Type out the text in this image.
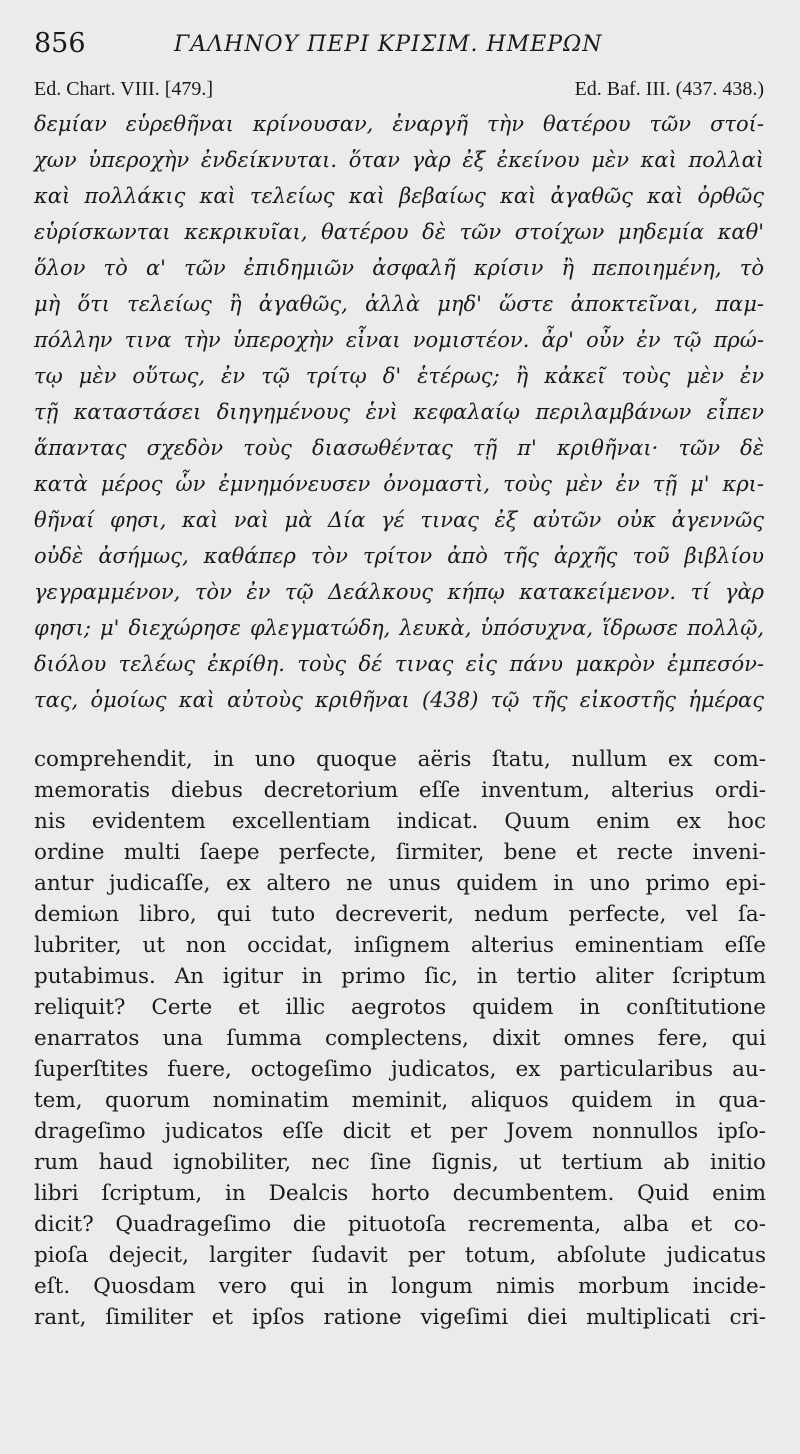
856	ΓΑΛΗΝΟΥ ΠΕΡΙ ΚΡΙΣΙΜ. ΗΜΕΡΩΝ
Ed. Chart. VIII. [479.]	Ed. Baf. III. (437. 438.)
δεμίαν εὑρεθῆναι κρίνουσαν, ἐναργῆ τὴν θατέρου τῶν στοί-
χων ὑπεροχὴν ἐνδείκνυται. ὅταν γὰρ ἐξ ἐκείνου μὲν καὶ πολλαὶ
καὶ πολλάκις καὶ τελείως καὶ βεβαίως καὶ ἀγαθῶς καὶ ὀρθῶς
εὑρίσκωνται κεκρικυῖαι, θατέρου δὲ τῶν στοίχων μηδεμία καθ'
ὅλον τὸ α' τῶν ἐπιδημιῶν ἀσφαλῆ κρίσιν ἢ πεποιημένη, τὸ
μὴ ὅτι τελείως ἢ ἀγαθῶς, ἀλλὰ μηδ' ὥστε ἀποκτεῖναι, παμ-
πόλλην τινα τὴν ὑπεροχὴν εἶναι νομιστέον. ἆρ' οὖν ἐν τῷ πρώ-
τῳ μὲν οὕτως, ἐν τῷ τρίτῳ δ' ἑτέρως; ἢ κἀκεῖ τοὺς μὲν ἐν
τῇ καταστάσει διηγημένους ἑνὶ κεφαλαίῳ περιλαμβάνων εἶπεν
ἅπαντας σχεδὸν τοὺς διασωθέντας τῇ π' κριθῆναι· τῶν δὲ
κατὰ μέρος ὧν ἐμνημόνευσεν ὀνομαστὶ, τοὺς μὲν ἐν τῇ μ' κρι-
θῆναί φησι, καὶ ναὶ μὰ Δία γέ τινας ἐξ αὐτῶν οὐκ ἀγεννῶς
οὐδὲ ἀσήμως, καθάπερ τὸν τρίτον ἀπὸ τῆς ἀρχῆς τοῦ βιβλίου
γεγραμμένον, τὸν ἐν τῷ Δεάλκους κήπῳ κατακείμενον. τί γὰρ
φησι; μ' διεχώρησε φλεγματώδη, λευκὰ, ὑπόσυχνα, ἵδρωσε πολλῷ,
διόλου τελέως ἐκρίθη. τοὺς δέ τινας εἰς πάνυ μακρὸν ἐμπεσόν-
τας, ὁμοίως καὶ αὐτοὺς κριθῆναι (438) τῷ τῆς εἰκοστῆς ἡμέρας
comprehendit, in uno quoque aëris ſtatu, nullum ex com-
memoratis diebus decretorium eſſe inventum, alterius ordi-
nis evidentem excellentiam indicat. Quum enim ex hoc
ordine multi ſaepe perfecte, ſirmiter, bene et recte inveni-
antur judicaſſe, ex altero ne unus quidem in uno primo epi-
demiωn libro, qui tuto decreverit, nedum perfecte, vel ſa-
lubriter, ut non occidat, inſignem alterius eminentiam eſſe
putabimus. An igitur in primo ſic, in tertio aliter ſcriptum
reliquit? Certe et illic aegrotos quidem in conſtitutione
enarratos una ſumma complectens, dixit omnes fere, qui
ſuperſtites fuere, octogeſimo judicatos, ex particularibus au-
tem, quorum nominatim meminit, aliquos quidem in qua-
drageſimo judicatos eſſe dicit et per Jovem nonnullos ipſo-
rum haud ignobiliter, nec ſine ſignis, ut tertium ab initio
libri ſcriptum, in Dealcis horto decumbentem. Quid enim
dicit? Quadrageſimo die pituotoſa recrementa, alba et co-
pioſa dejecit, largiter ſudavit per totum, abſolute judicatus
eſt. Quosdam vero qui in longum nimis morbum incide-
rant, ſimiliter et ipſos ratione vigeſimi diei multiplicati cri-
